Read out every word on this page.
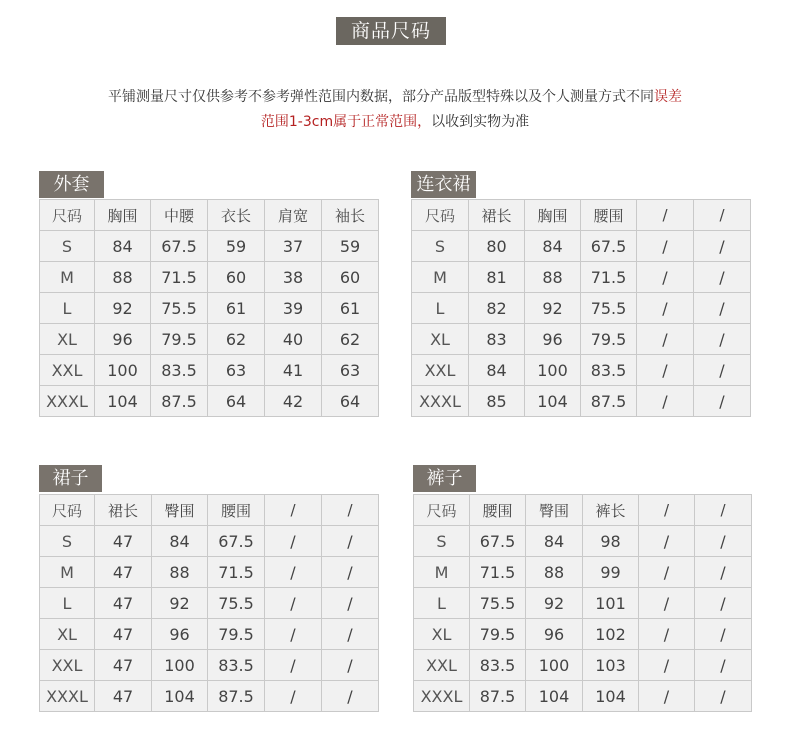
商品尺码
平铺测量尺寸仅供参考不参考弹性范围内数据，部分产品版型特殊以及个人测量方式不同误差
范围1-3cm属于正常范围，以收到实物为准
外套
尺码	胸围	中腰	衣长	肩宽	袖长
S	84	67.5	59	37	59
M	88	71.5	60	38	60
L	92	75.5	61	39	61
XL	96	79.5	62	40	62
XXL	100	83.5	63	41	63
XXXL	104	87.5	64	42	64
连衣裙
尺码	裙长	胸围	腰围	/	/
S	80	84	67.5	/	/
M	81	88	71.5	/	/
L	82	92	75.5	/	/
XL	83	96	79.5	/	/
XXL	84	100	83.5	/	/
XXXL	85	104	87.5	/	/
裙子
尺码	裙长	臀围	腰围	/	/
S	47	84	67.5	/	/
M	47	88	71.5	/	/
L	47	92	75.5	/	/
XL	47	96	79.5	/	/
XXL	47	100	83.5	/	/
XXXL	47	104	87.5	/	/
裤子
尺码	腰围	臀围	裤长	/	/
S	67.5	84	98	/	/
M	71.5	88	99	/	/
L	75.5	92	101	/	/
XL	79.5	96	102	/	/
XXL	83.5	100	103	/	/
XXXL	87.5	104	104	/	/
